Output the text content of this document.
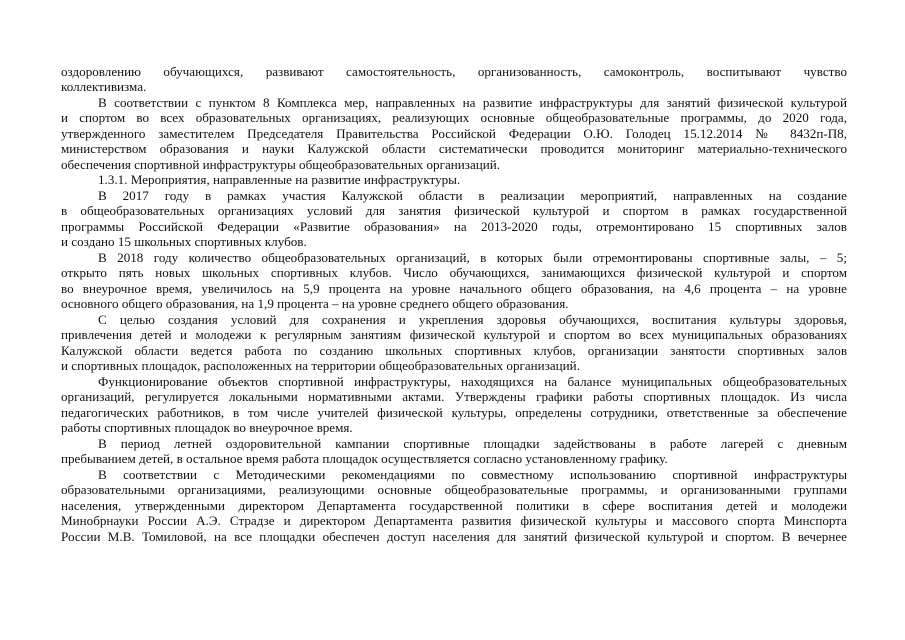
оздоровлению обучающихся, развивают самостоятельность, организованность, самоконтроль, воспитывают чувство
коллективизма.
В соответствии с пунктом 8 Комплекса мер, направленных на развитие инфраструктуры для занятий физической культурой
и спортом во всех образовательных организациях, реализующих основные общеобразовательные программы, до 2020 года,
утвержденного заместителем Председателя Правительства Российской Федерации О.Ю. Голодец 15.12.2014 № 8432п-П8,
министерством образования и науки Калужской области систематически проводится мониторинг материально-технического
обеспечения спортивной инфраструктуры общеобразовательных организаций.
1.3.1. Мероприятия, направленные на развитие инфраструктуры.
В 2017 году в рамках участия Калужской области в реализации мероприятий, направленных на создание
в общеобразовательных организациях условий для занятия физической культурой и спортом в рамках государственной
программы Российской Федерации «Развитие образования» на 2013-2020 годы, отремонтировано 15 спортивных залов
и создано 15 школьных спортивных клубов.
В 2018 году количество общеобразовательных организаций, в которых были отремонтированы спортивные залы, – 5;
открыто пять новых школьных спортивных клубов. Число обучающихся, занимающихся физической культурой и спортом
во внеурочное время, увеличилось на 5,9 процента на уровне начального общего образования, на 4,6 процента – на уровне
основного общего образования, на 1,9 процента – на уровне среднего общего образования.
С целью создания условий для сохранения и укрепления здоровья обучающихся, воспитания культуры здоровья,
привлечения детей и молодежи к регулярным занятиям физической культурой и спортом во всех муниципальных образованиях
Калужской области ведется работа по созданию школьных спортивных клубов, организации занятости спортивных залов
и спортивных площадок, расположенных на территории общеобразовательных организаций.
Функционирование объектов спортивной инфраструктуры, находящихся на балансе муниципальных общеобразовательных
организаций, регулируется локальными нормативными актами. Утверждены графики работы спортивных площадок. Из числа
педагогических работников, в том числе учителей физической культуры, определены сотрудники, ответственные за обеспечение
работы спортивных площадок во внеурочное время.
В период летней оздоровительной кампании спортивные площадки задействованы в работе лагерей с дневным
пребыванием детей, в остальное время работа площадок осуществляется согласно установленному графику.
В соответствии с Методическими рекомендациями по совместному использованию спортивной инфраструктуры
образовательными организациями, реализующими основные общеобразовательные программы, и организованными группами
населения, утвержденными директором Департамента государственной политики в сфере воспитания детей и молодежи
Минобрнауки России А.Э. Страдзе и директором Департамента развития физической культуры и массового спорта Минспорта
России М.В. Томиловой, на все площадки обеспечен доступ населения для занятий физической культурой и спортом. В вечернее
